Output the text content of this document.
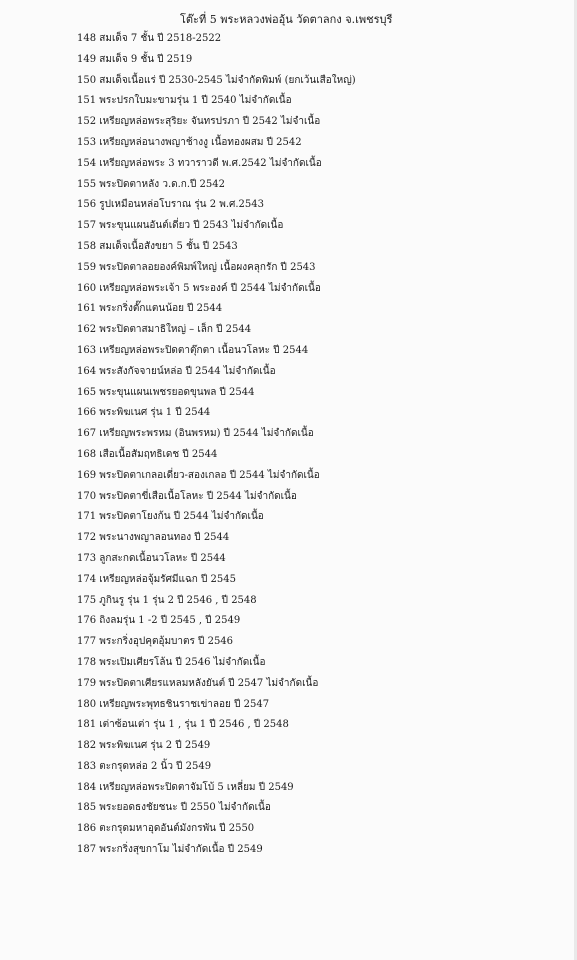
โต๊ะที่ 5 พระหลวงพ่ออุ้น วัดตาลกง จ.เพชรบุรี
148 สมเด็จ 7 ชั้น ปี 2518-2522
149 สมเด็จ 9 ชั้น ปี 2519
150 สมเด็จเนื้อแร่ ปี 2530-2545 ไม่จำกัดพิมพ์ (ยกเว้นเสือใหญ่)
151 พระปรกใบมะขามรุ่น 1 ปี 2540 ไม่จำกัดเนื้อ
152 เหรียญหล่อพระสุริยะ จันทรปรภา ปี 2542 ไม่จำเนื้อ
153 เหรียญหล่อนางพญาช้างงู เนื้อทองผสม ปี 2542
154 เหรียญหล่อพระ 3 ทวาราวดี พ.ศ.2542 ไม่จำกัดเนื้อ
155 พระปิดตาหลัง ว.ด.ก.ปี 2542
156 รูปเหมือนหล่อโบราณ รุ่น 2 พ.ศ.2543
157 พระขุนแผนอันต์เดี่ยว ปี 2543 ไม่จำกัดเนื้อ
158 สมเด็จเนื้อสังขยา 5 ชั้น ปี 2543
159 พระปิดตาลอยองค์พิมพ์ใหญ่ เนื้อผงคลุกรัก ปี 2543
160 เหรียญหล่อพระเจ้า 5 พระองค์ ปี 2544 ไม่จำกัดเนื้อ
161 พระกริ่งตั๊กแตนน้อย ปี 2544
162 พระปิดตาสมาธิใหญ่ – เล็ก ปี 2544
163 เหรียญหล่อพระปิดตาตุ๊กตา เนื้อนวโลหะ ปี 2544
164 พระสังกัจจายน์หล่อ ปี 2544 ไม่จำกัดเนื้อ
165 พระขุนแผนเพชรยอดขุนพล ปี 2544
166 พระพิฆเนศ รุ่น 1 ปี 2544
167 เหรียญพระพรหม (อินพรหม) ปี 2544 ไม่จำกัดเนื้อ
168 เสือเนื้อสัมฤทธิเดช ปี 2544
169 พระปิดตาเกลอเดี่ยว-สองเกลอ ปี 2544 ไม่จำกัดเนื้อ
170 พระปิดตาขี่เสือเนื้อโลหะ ปี 2544 ไม่จำกัดเนื้อ
171 พระปิดตาโยงก้น ปี 2544 ไม่จำกัดเนื้อ
172 พระนางพญาลอนทอง ปี 2544
173 ลูกสะกดเนื้อนวโลหะ ปี 2544
174 เหรียญหล่อจุ้มรัศมีแฉก ปี 2545
175 ภูกินรู รุ่น 1 รุ่น 2 ปี 2546 , ปี 2548
176 ถิงลมรุ่น 1 -2 ปี 2545 , ปี 2549
177 พระกริ่งอุปคุตอุ้มบาตร ปี 2546
178 พระเปิมเศียรโล้น ปี 2546 ไม่จำกัดเนื้อ
179 พระปิดตาเศียรแหลมหลังยันต์ ปี 2547 ไม่จำกัดเนื้อ
180 เหรียญพระพุทธชินราชเข่าลอย ปี 2547
181 เต่าซ้อนเต่า รุ่น 1 , รุ่น 1 ปี 2546 , ปี 2548
182 พระพิฆเนศ รุ่น 2 ปี 2549
183 ตะกรุดหล่อ 2 นิ้ว ปี 2549
184 เหรียญหล่อพระปิดตาจัมโบ้ 5 เหลี่ยม ปี 2549
185 พระยอดธงชัยชนะ ปี 2550 ไม่จำกัดเนื้อ
186 ตะกรุดมหาอุดอันต์มังกรพัน ปี 2550
187 พระกริ่งสุขกาโม ไม่จำกัดเนื้อ ปี 2549
